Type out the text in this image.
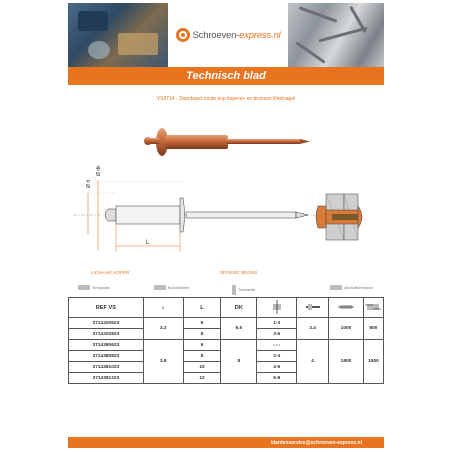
Schroeven-express.nl
Technisch blad
VS3714 - Standaard ronde kop koperen en bronzen klinknagel
Ø d
Ø dk
L
LICHAAM: KOPER	SPIJKER: BRONS
Klemplaats	Boordiameter
Treksterkte
Afschuifweerstand
REF VS	D	L	DK				
3714320623	3.2	6	6.5	1-3	3.4	1000	800
3714320823		8		3-5			
3714380623	3.8	6	8	0.5-3	4	1800	1500
3714380823		8		2-4			
3714381023		10		4-6			
3714381223		12		6-8			
klantenservice@schroeven-express.nl
